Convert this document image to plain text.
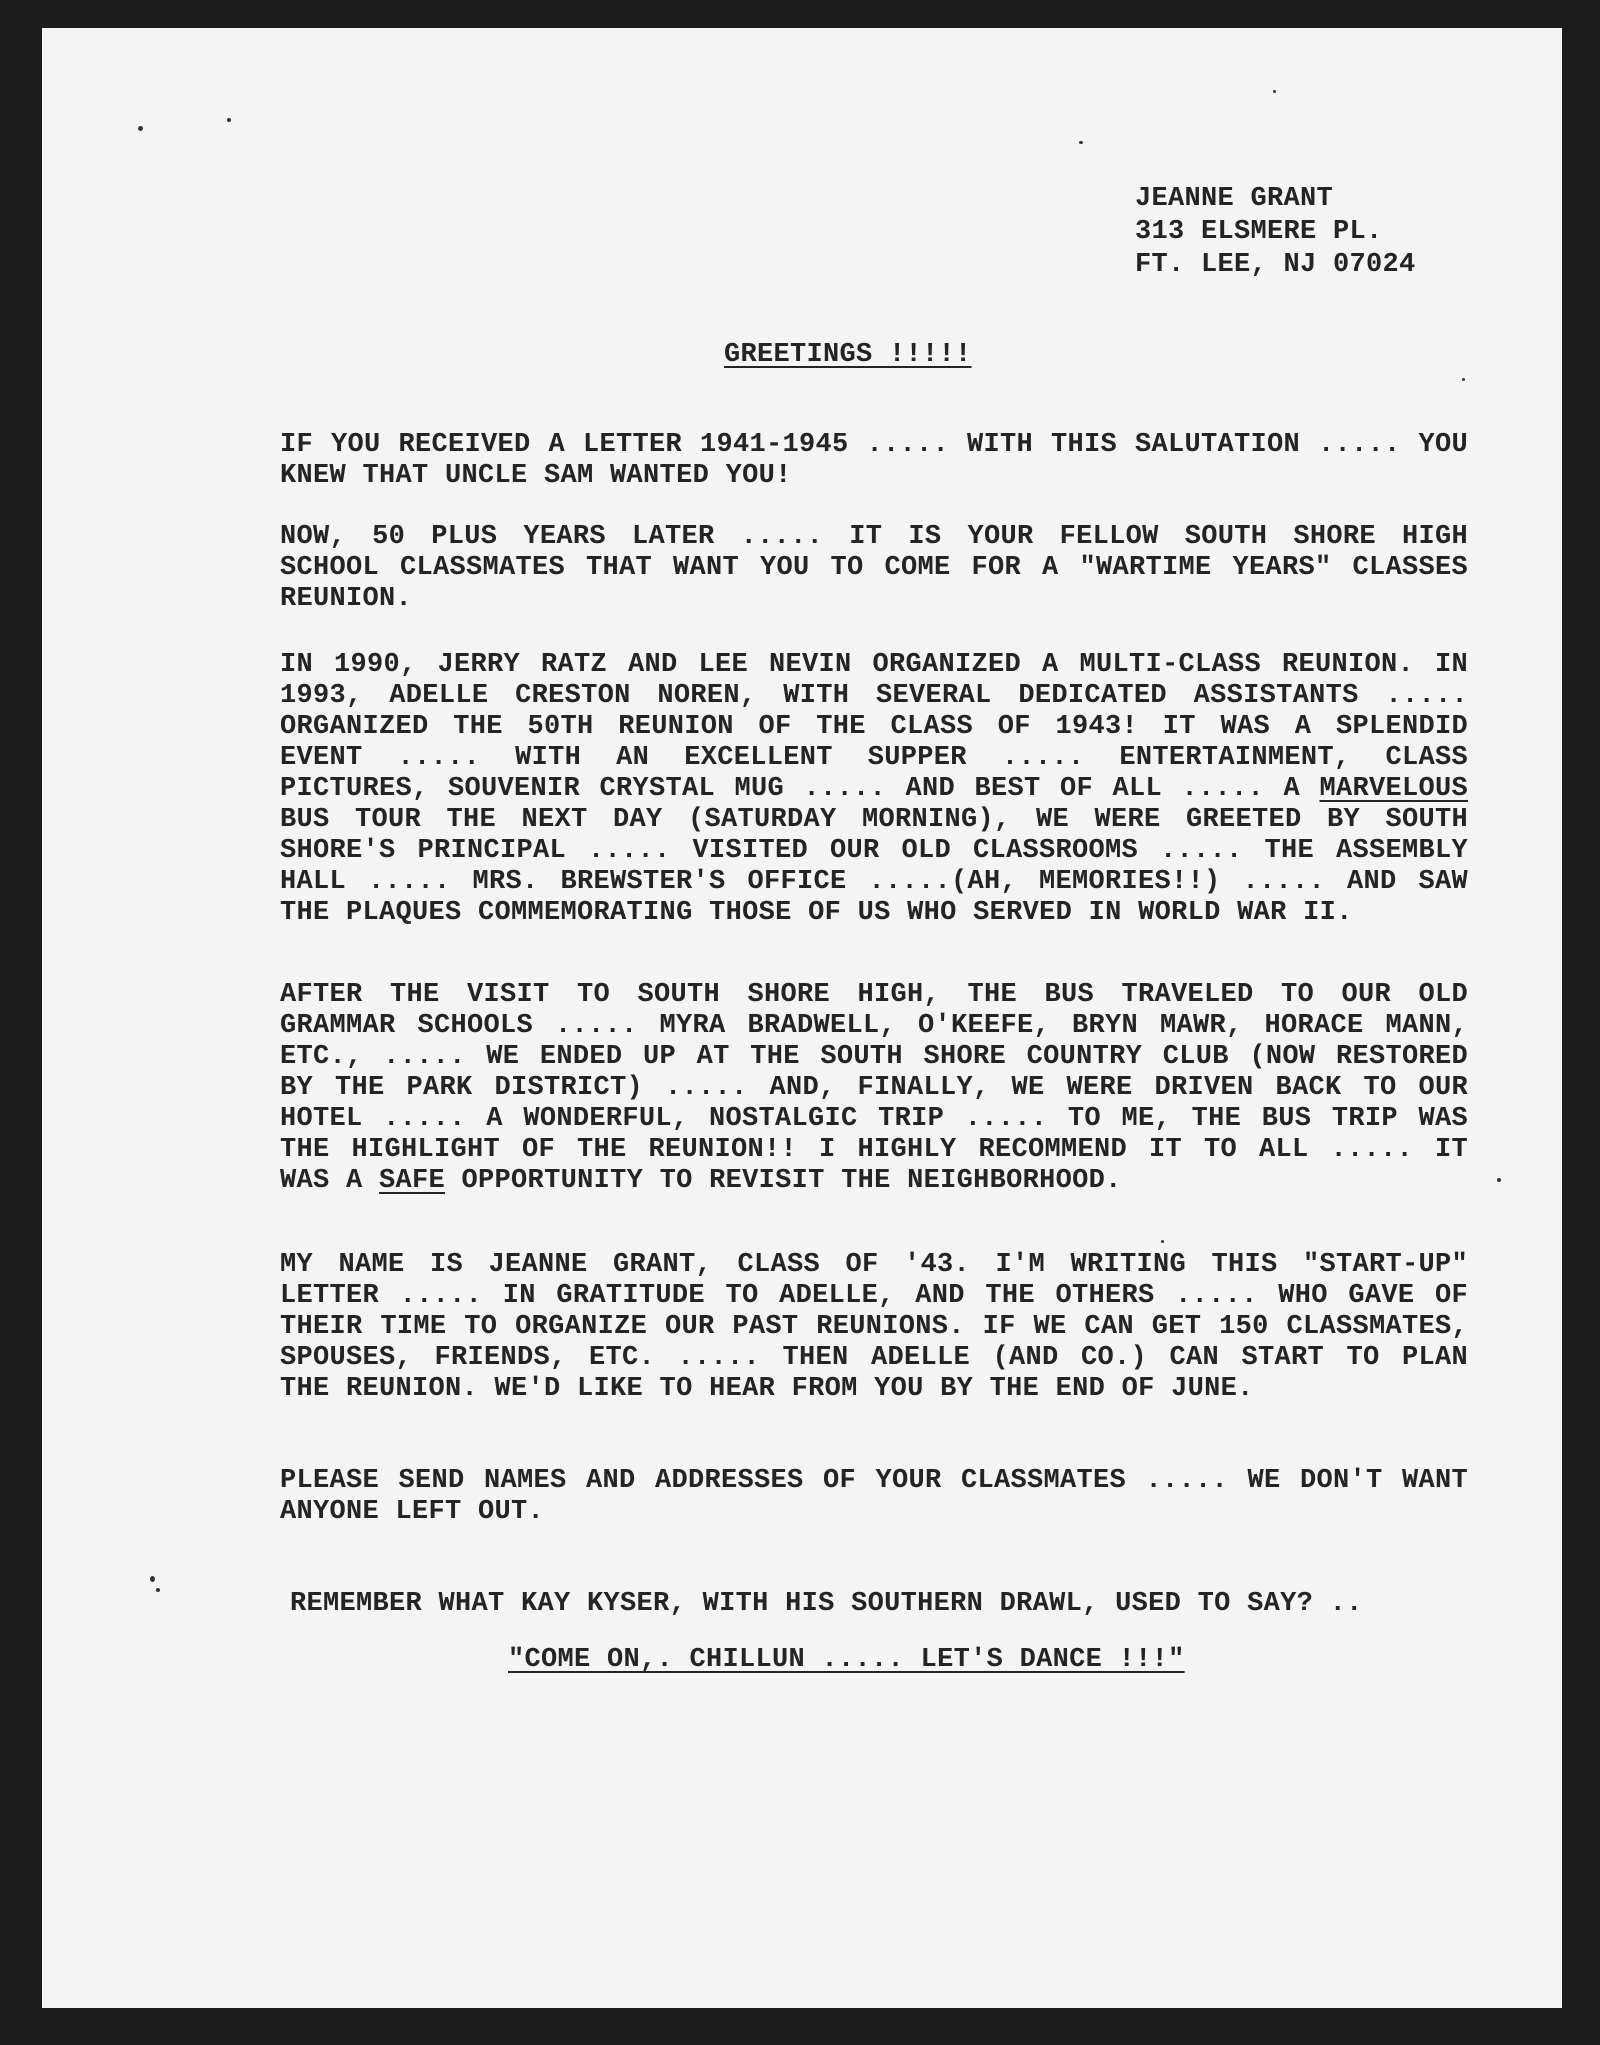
JEANNE GRANT
313 ELSMERE PL.
FT. LEE, NJ 07024
GREETINGS !!!!!

IF YOU RECEIVED A LETTER 1941-1945 ..... WITH THIS SALUTATION ..... YOU KNEW THAT UNCLE SAM WANTED YOU!

NOW, 50 PLUS YEARS LATER ..... IT IS YOUR FELLOW SOUTH SHORE HIGH SCHOOL CLASSMATES THAT WANT YOU TO COME FOR A "WARTIME YEARS" CLASSES REUNION.

IN 1990, JERRY RATZ AND LEE NEVIN ORGANIZED A MULTI-CLASS REUNION. IN 1993, ADELLE CRESTON NOREN, WITH SEVERAL DEDICATED ASSISTANTS ..... ORGANIZED THE 50TH REUNION OF THE CLASS OF 1943! IT WAS A SPLENDID EVENT ..... WITH AN EXCELLENT SUPPER ..... ENTERTAINMENT, CLASS PICTURES, SOUVENIR CRYSTAL MUG ..... AND BEST OF ALL ..... A MARVELOUS BUS TOUR THE NEXT DAY (SATURDAY MORNING), WE WERE GREETED BY SOUTH SHORE'S PRINCIPAL ..... VISITED OUR OLD CLASSROOMS ..... THE ASSEMBLY HALL ..... MRS. BREWSTER'S OFFICE .....(AH, MEMORIES!!) ..... AND SAW THE PLAQUES COMMEMORATING THOSE OF US WHO SERVED IN WORLD WAR II.

AFTER THE VISIT TO SOUTH SHORE HIGH, THE BUS TRAVELED TO OUR OLD GRAMMAR SCHOOLS ..... MYRA BRADWELL, O'KEEFE, BRYN MAWR, HORACE MANN, ETC., ..... WE ENDED UP AT THE SOUTH SHORE COUNTRY CLUB (NOW RESTORED BY THE PARK DISTRICT) ..... AND, FINALLY, WE WERE DRIVEN BACK TO OUR HOTEL ..... A WONDERFUL, NOSTALGIC TRIP ..... TO ME, THE BUS TRIP WAS THE HIGHLIGHT OF THE REUNION!! I HIGHLY RECOMMEND IT TO ALL ..... IT WAS A SAFE OPPORTUNITY TO REVISIT THE NEIGHBORHOOD.

MY NAME IS JEANNE GRANT, CLASS OF '43. I'M WRITING THIS "START-UP" LETTER ..... IN GRATITUDE TO ADELLE, AND THE OTHERS ..... WHO GAVE OF THEIR TIME TO ORGANIZE OUR PAST REUNIONS. IF WE CAN GET 150 CLASSMATES, SPOUSES, FRIENDS, ETC. ..... THEN ADELLE (AND CO.) CAN START TO PLAN THE REUNION. WE'D LIKE TO HEAR FROM YOU BY THE END OF JUNE.

PLEASE SEND NAMES AND ADDRESSES OF YOUR CLASSMATES ..... WE DON'T WANT ANYONE LEFT OUT.

REMEMBER WHAT KAY KYSER, WITH HIS SOUTHERN DRAWL, USED TO SAY? ..
"COME ON,. CHILLUN ..... LET'S DANCE !!!"
